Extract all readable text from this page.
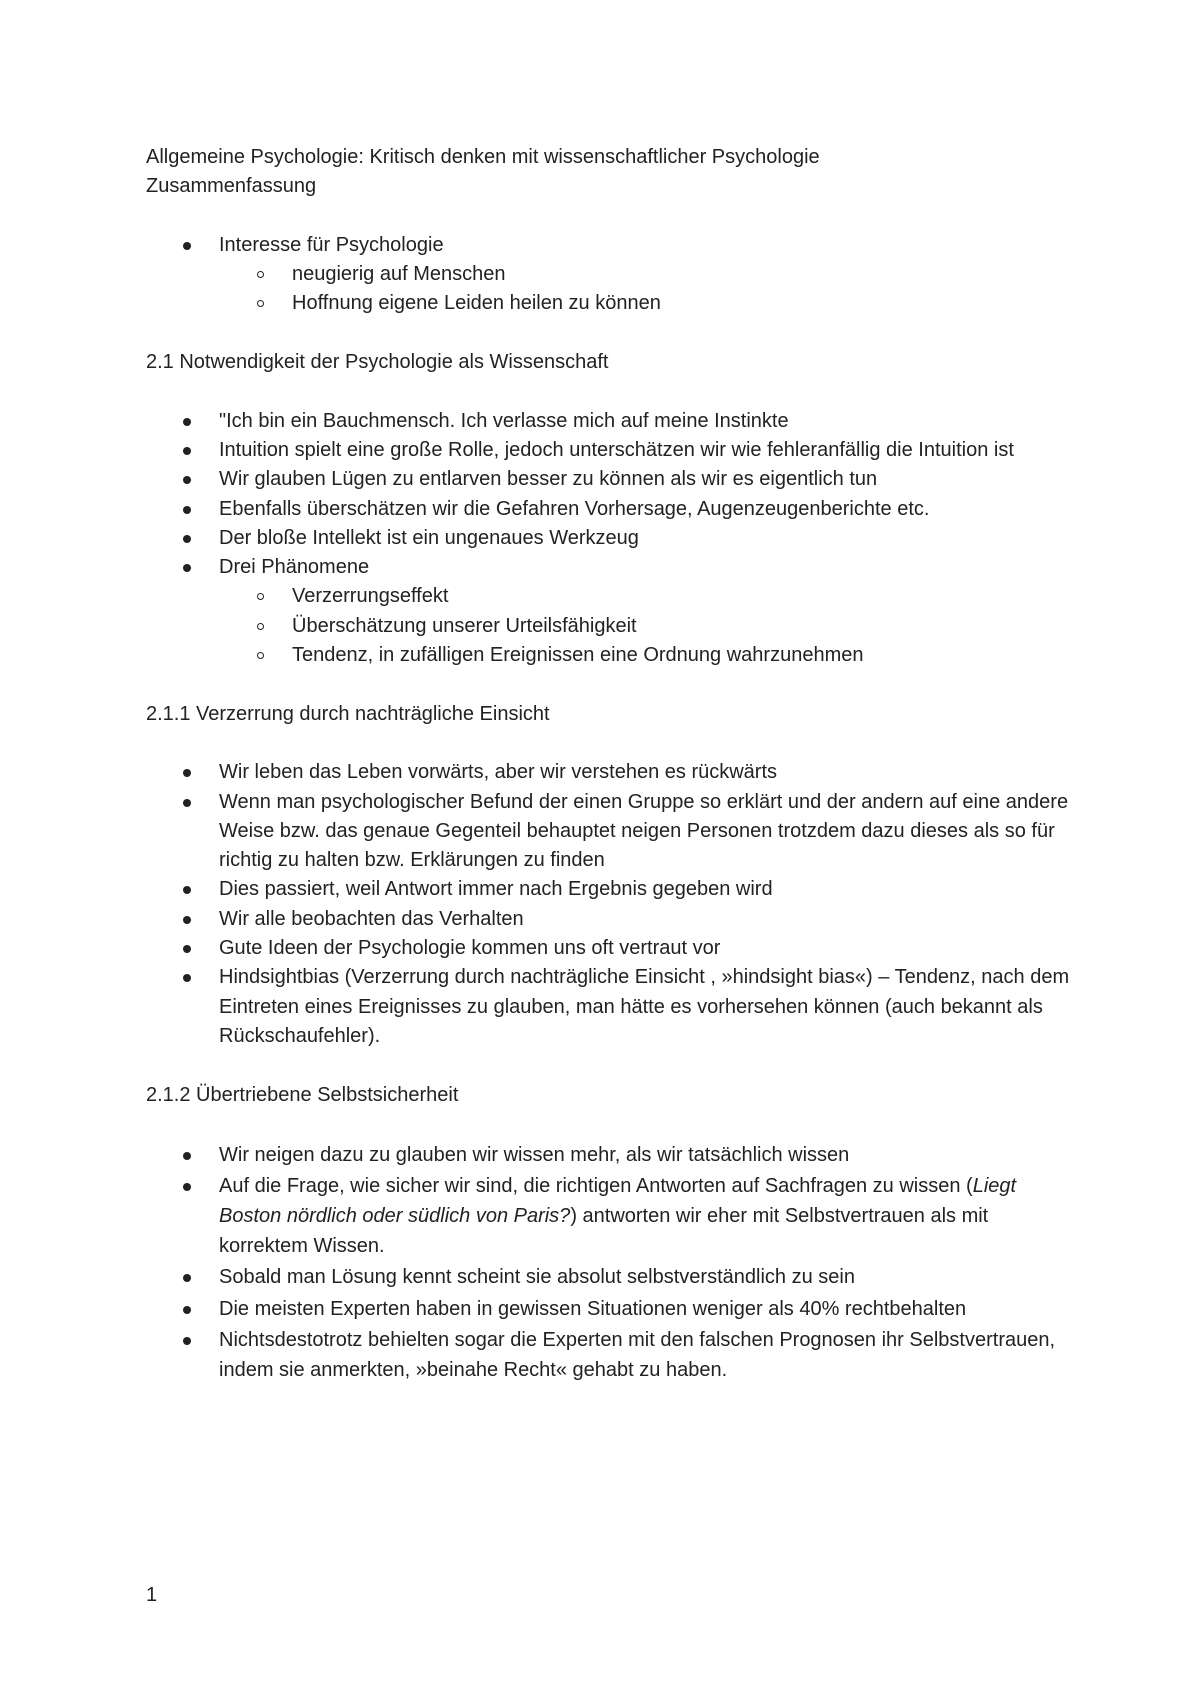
Allgemeine Psychologie: Kritisch denken mit wissenschaftlicher Psychologie

Zusammenfassung

Interesse für Psychologie
neugierig auf Menschen
Hoffnung eigene Leiden heilen zu können

2.1 Notwendigkeit der Psychologie als Wissenschaft

"Ich bin ein Bauchmensch. Ich verlasse mich auf meine Instinkte
Intuition spielt eine große Rolle, jedoch unterschätzen wir wie fehleranfällig die Intuition ist
Wir glauben Lügen zu entlarven besser zu können als wir es eigentlich tun
Ebenfalls überschätzen wir die Gefahren Vorhersage, Augenzeugenberichte etc.
Der bloße Intellekt ist ein ungenaues Werkzeug
Drei Phänomene
Verzerrungseffekt
Überschätzung unserer Urteilsfähigkeit
Tendenz, in zufälligen Ereignissen eine Ordnung wahrzunehmen

2.1.1 Verzerrung durch nachträgliche Einsicht

Wir leben das Leben vorwärts, aber wir verstehen es rückwärts
Wenn man psychologischer Befund der einen Gruppe so erklärt und der andern auf eine andere Weise bzw. das genaue Gegenteil behauptet neigen Personen trotzdem dazu dieses als so für richtig zu halten bzw. Erklärungen zu finden
Dies passiert, weil Antwort immer nach Ergebnis gegeben wird
Wir alle beobachten das Verhalten
Gute Ideen der Psychologie kommen uns oft vertraut vor
Hindsightbias (Verzerrung durch nachträgliche Einsicht , »hindsight bias«) – Tendenz, nach dem Eintreten eines Ereignisses zu glauben, man hätte es vorhersehen können (auch bekannt als Rückschaufehler).

2.1.2 Übertriebene Selbstsicherheit

Wir neigen dazu zu glauben wir wissen mehr, als wir tatsächlich wissen
Auf die Frage, wie sicher wir sind, die richtigen Antworten auf Sachfragen zu wissen (Liegt Boston nördlich oder südlich von Paris?) antworten wir eher mit Selbstvertrauen als mit korrektem Wissen.
Sobald man Lösung kennt scheint sie absolut selbstverständlich zu sein
Die meisten Experten haben in gewissen Situationen weniger als 40% rechtbehalten
Nichtsdestotrotz behielten sogar die Experten mit den falschen Prognosen ihr Selbstvertrauen, indem sie anmerkten, »beinahe Recht« gehabt zu haben.
1
